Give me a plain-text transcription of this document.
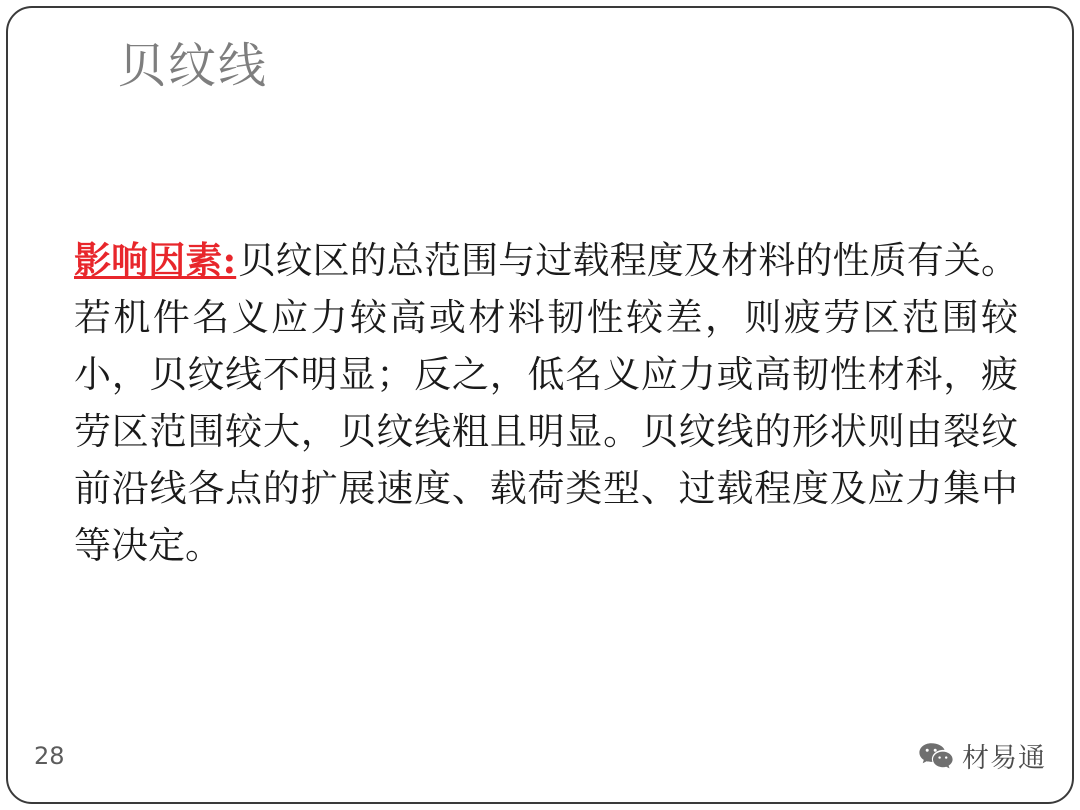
贝纹线

影响因素:贝纹区的总范围与过载程度及材料的性质有关。若机件名义应力较高或材料韧性较差，则疲劳区范围较小，贝纹线不明显；反之，低名义应力或高韧性材科，疲劳区范围较大，贝纹线粗且明显。贝纹线的形状则由裂纹前沿线各点的扩展速度、载荷类型、过载程度及应力集中等决定。

28	材易通
